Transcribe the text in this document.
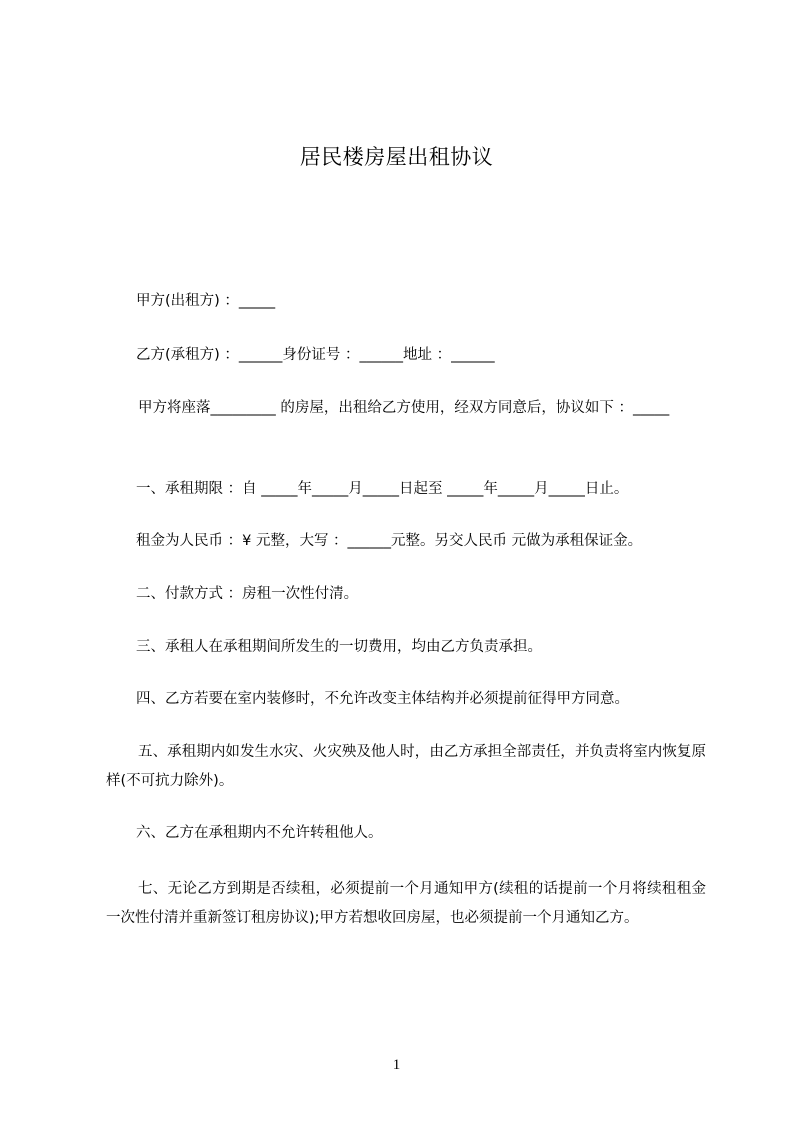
居民楼房屋出租协议

甲方(出租方) ：_____

乙方(承租方) ：______身份证号 ：______地址 ：______

甲方将座落_________ 的房屋，出租给乙方使用，经双方同意后，协议如下 ：_____

一、承租期限 ：自 _____年_____月_____日起至 _____年_____月_____日止。

租金为人民币 ：¥ 元整，大写 ：______元整。另交人民币 元做为承租保证金。

二、付款方式 ：房租一次性付清。

三、承租人在承租期间所发生的一切费用，均由乙方负责承担。

四、乙方若要在室内装修时，不允许改变主体结构并必须提前征得甲方同意。

五、承租期内如发生水灾、火灾殃及他人时，由乙方承担全部责任，并负责将室内恢复原样(不可抗力除外)。

六、乙方在承租期内不允许转租他人。

七、无论乙方到期是否续租，必须提前一个月通知甲方(续租的话提前一个月将续租租金一次性付清并重新签订租房协议);甲方若想收回房屋，也必须提前一个月通知乙方。

1
